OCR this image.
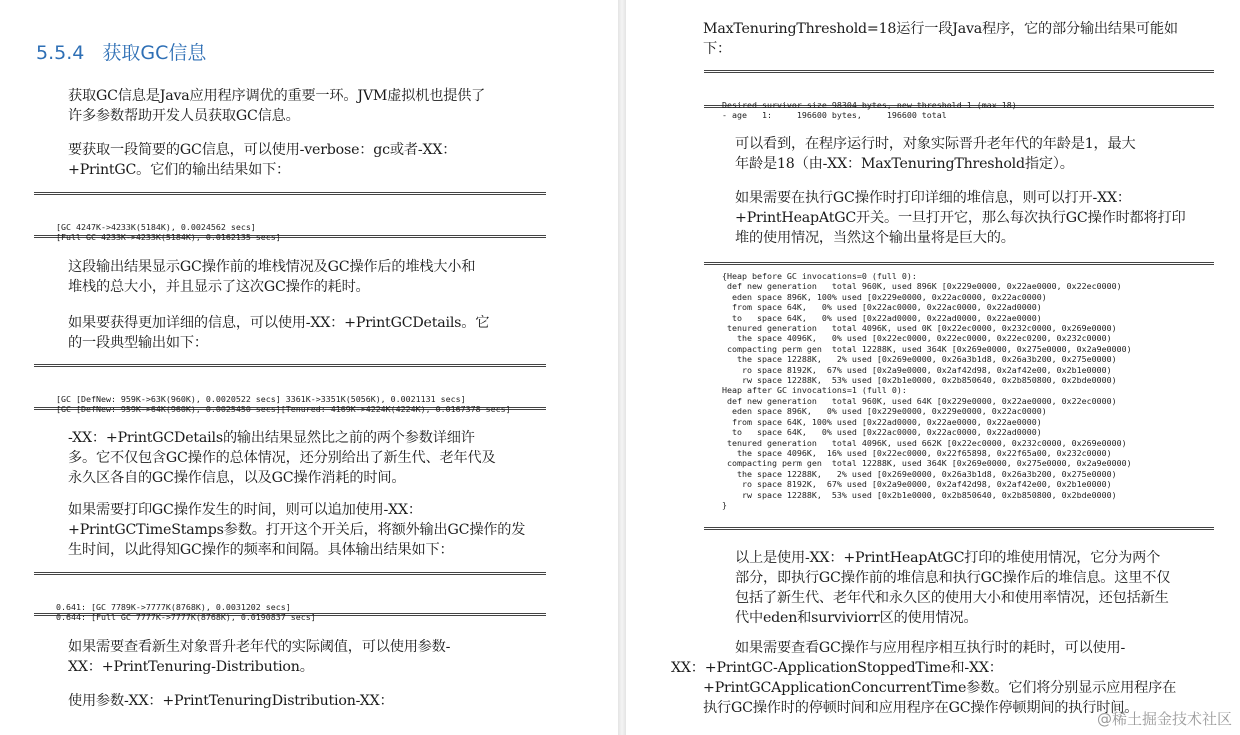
5.5.4 获取GC信息

获取GC信息是Java应用程序调优的重要一环。JVM虚拟机也提供了
许多参数帮助开发人员获取GC信息。

要获取一段简要的GC信息，可以使用-verbose：gc或者-XX：
+PrintGC。它们的输出结果如下：

[GC 4247K->4233K(5184K), 0.0024562 secs]
[Full GC 4233K->4233K(5184K), 0.0162135 secs]

这段输出结果显示GC操作前的堆栈情况及GC操作后的堆栈大小和
堆栈的总大小，并且显示了这次GC操作的耗时。

如果要获得更加详细的信息，可以使用-XX：+PrintGCDetails。它
的一段典型输出如下：

[GC [DefNew: 959K->63K(960K), 0.0020522 secs] 3361K->3351K(5056K), 0.0021131 secs]
[GC [DefNew: 959K->64K(960K), 0.0025450 secs][Tenured: 4169K->4224K(4224K), 0.0167378 secs]

-XX：+PrintGCDetails的输出结果显然比之前的两个参数详细许
多。它不仅包含GC操作的总体情况，还分别给出了新生代、老年代及
永久区各自的GC操作信息，以及GC操作消耗的时间。

如果需要打印GC操作发生的时间，则可以追加使用-XX：
+PrintGCTimeStamps参数。打开这个开关后，将额外输出GC操作的发
生时间，以此得知GC操作的频率和间隔。具体输出结果如下：

0.641: [GC 7789K->7777K(8768K), 0.0031202 secs]
0.644: [Full GC 7777K->7777K(8768K), 0.0190837 secs]

如果需要查看新生对象晋升老年代的实际阈值，可以使用参数-
XX：+PrintTenuring-Distribution。

使用参数-XX：+PrintTenuringDistribution-XX：

MaxTenuringThreshold=18运行一段Java程序，它的部分输出结果可能如
下：

Desired survivor size 98304 bytes, new threshold 1 (max 18)
- age   1:     196600 bytes,     196600 total

可以看到，在程序运行时，对象实际晋升老年代的年龄是1，最大
年龄是18（由-XX：MaxTenuringThreshold指定）。

如果需要在执行GC操作时打印详细的堆信息，则可以打开-XX：
+PrintHeapAtGC开关。一旦打开它，那么每次执行GC操作时都将打印
堆的使用情况，当然这个输出量将是巨大的。

{Heap before GC invocations=0 (full 0):
def new generation   total 960K, used 896K [0x229e0000, 0x22ae0000, 0x22ec0000)
eden space 896K, 100% used [0x229e0000, 0x22ac0000, 0x22ac0000)
from space 64K,   0% used [0x22ac0000, 0x22ac0000, 0x22ad0000)
to   space 64K,   0% used [0x22ad0000, 0x22ad0000, 0x22ae0000)
tenured generation   total 4096K, used 0K [0x22ec0000, 0x232c0000, 0x269e0000)
the space 4096K,   0% used [0x22ec0000, 0x22ec0000, 0x22ec0200, 0x232c0000)
compacting perm gen  total 12288K, used 364K [0x269e0000, 0x275e0000, 0x2a9e0000)
the space 12288K,   2% used [0x269e0000, 0x26a3b1d8, 0x26a3b200, 0x275e0000)
ro space 8192K,  67% used [0x2a9e0000, 0x2af42d98, 0x2af42e00, 0x2b1e0000)
rw space 12288K,  53% used [0x2b1e0000, 0x2b850640, 0x2b850800, 0x2bde0000)
Heap after GC invocations=1 (full 0):
def new generation   total 960K, used 64K [0x229e0000, 0x22ae0000, 0x22ec0000)
eden space 896K,   0% used [0x229e0000, 0x229e0000, 0x22ac0000)
from space 64K, 100% used [0x22ad0000, 0x22ae0000, 0x22ae0000)
to   space 64K,   0% used [0x22ac0000, 0x22ac0000, 0x22ad0000)
tenured generation   total 4096K, used 662K [0x22ec0000, 0x232c0000, 0x269e0000)
the space 4096K,  16% used [0x22ec0000, 0x22f65898, 0x22f65a00, 0x232c0000)
compacting perm gen  total 12288K, used 364K [0x269e0000, 0x275e0000, 0x2a9e0000)
the space 12288K,   2% used [0x269e0000, 0x26a3b1d8, 0x26a3b200, 0x275e0000)
ro space 8192K,  67% used [0x2a9e0000, 0x2af42d98, 0x2af42e00, 0x2b1e0000)
rw space 12288K,  53% used [0x2b1e0000, 0x2b850640, 0x2b850800, 0x2bde0000)
}

以上是使用-XX：+PrintHeapAtGC打印的堆使用情况，它分为两个
部分，即执行GC操作前的堆信息和执行GC操作后的堆信息。这里不仅
包括了新生代、老年代和永久区的使用大小和使用率情况，还包括新生
代中eden和surviviorr区的使用情况。

如果需要查看GC操作与应用程序相互执行时的耗时，可以使用-
XX：+PrintGC-ApplicationStoppedTime和-XX：
+PrintGCApplicationConcurrentTime参数。它们将分别显示应用程序在
执行GC操作时的停顿时间和应用程序在GC操作停顿期间的执行时间。

@稀土掘金技术社区
